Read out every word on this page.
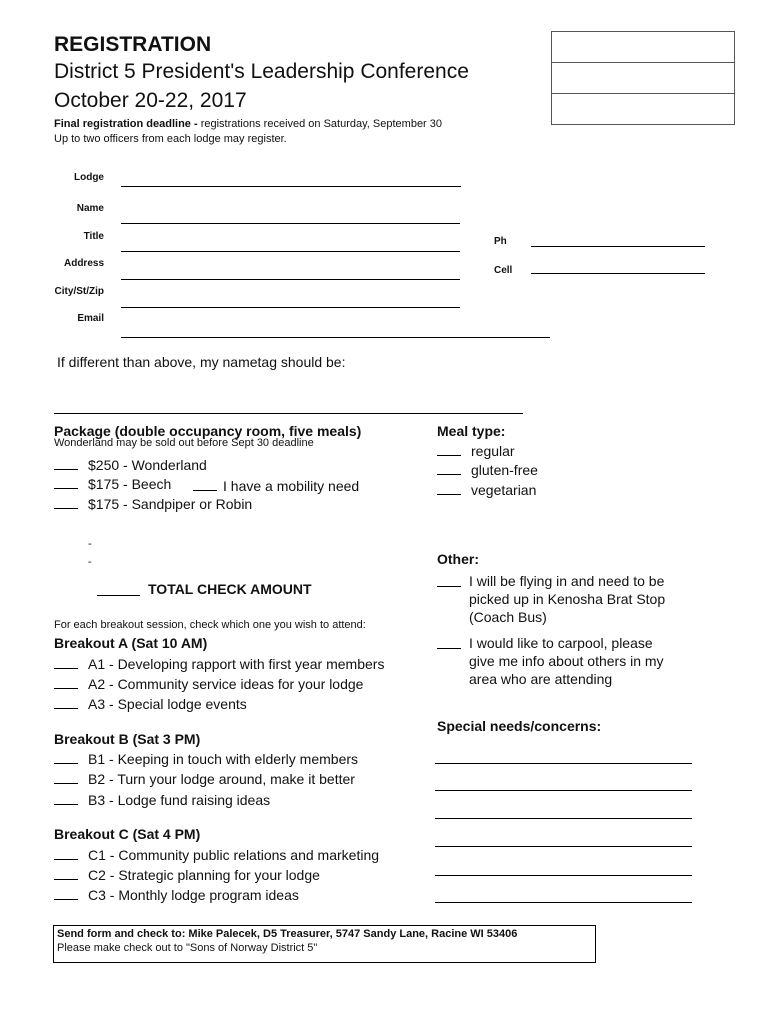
REGISTRATION
District 5 President's Leadership Conference
October 20-22, 2017
Final registration deadline - registrations received on Saturday, September 30
Up to two officers from each lodge may register.
Lodge
Name
Title
Address
City/St/Zip
Email
Ph
Cell
If different than above, my nametag should be:
Package (double occupancy room, five meals)
Wonderland may be sold out before Sept 30 deadline
$250 - Wonderland
$175 - Beech	I have a mobility need
$175 - Sandpiper or Robin
-
-
TOTAL CHECK AMOUNT
Meal type:
regular
gluten-free
vegetarian
Other:
I will be flying in and need to be
picked up in Kenosha Brat Stop
(Coach Bus)
I would like to carpool, please
give me info about others in my
area who are attending
Special needs/concerns:
For each breakout session, check which one you wish to attend:
Breakout A (Sat 10 AM)
A1 - Developing rapport with first year members
A2 - Community service ideas for your lodge
A3 - Special lodge events
Breakout B (Sat 3 PM)
B1 - Keeping in touch with elderly members
B2 - Turn your lodge around, make it better
B3 - Lodge fund raising ideas
Breakout C (Sat 4 PM)
C1 - Community public relations and marketing
C2 - Strategic planning for your lodge
C3 - Monthly lodge program ideas
Send form and check to: Mike Palecek, D5 Treasurer, 5747 Sandy Lane, Racine WI 53406
Please make check out to "Sons of Norway District 5"
